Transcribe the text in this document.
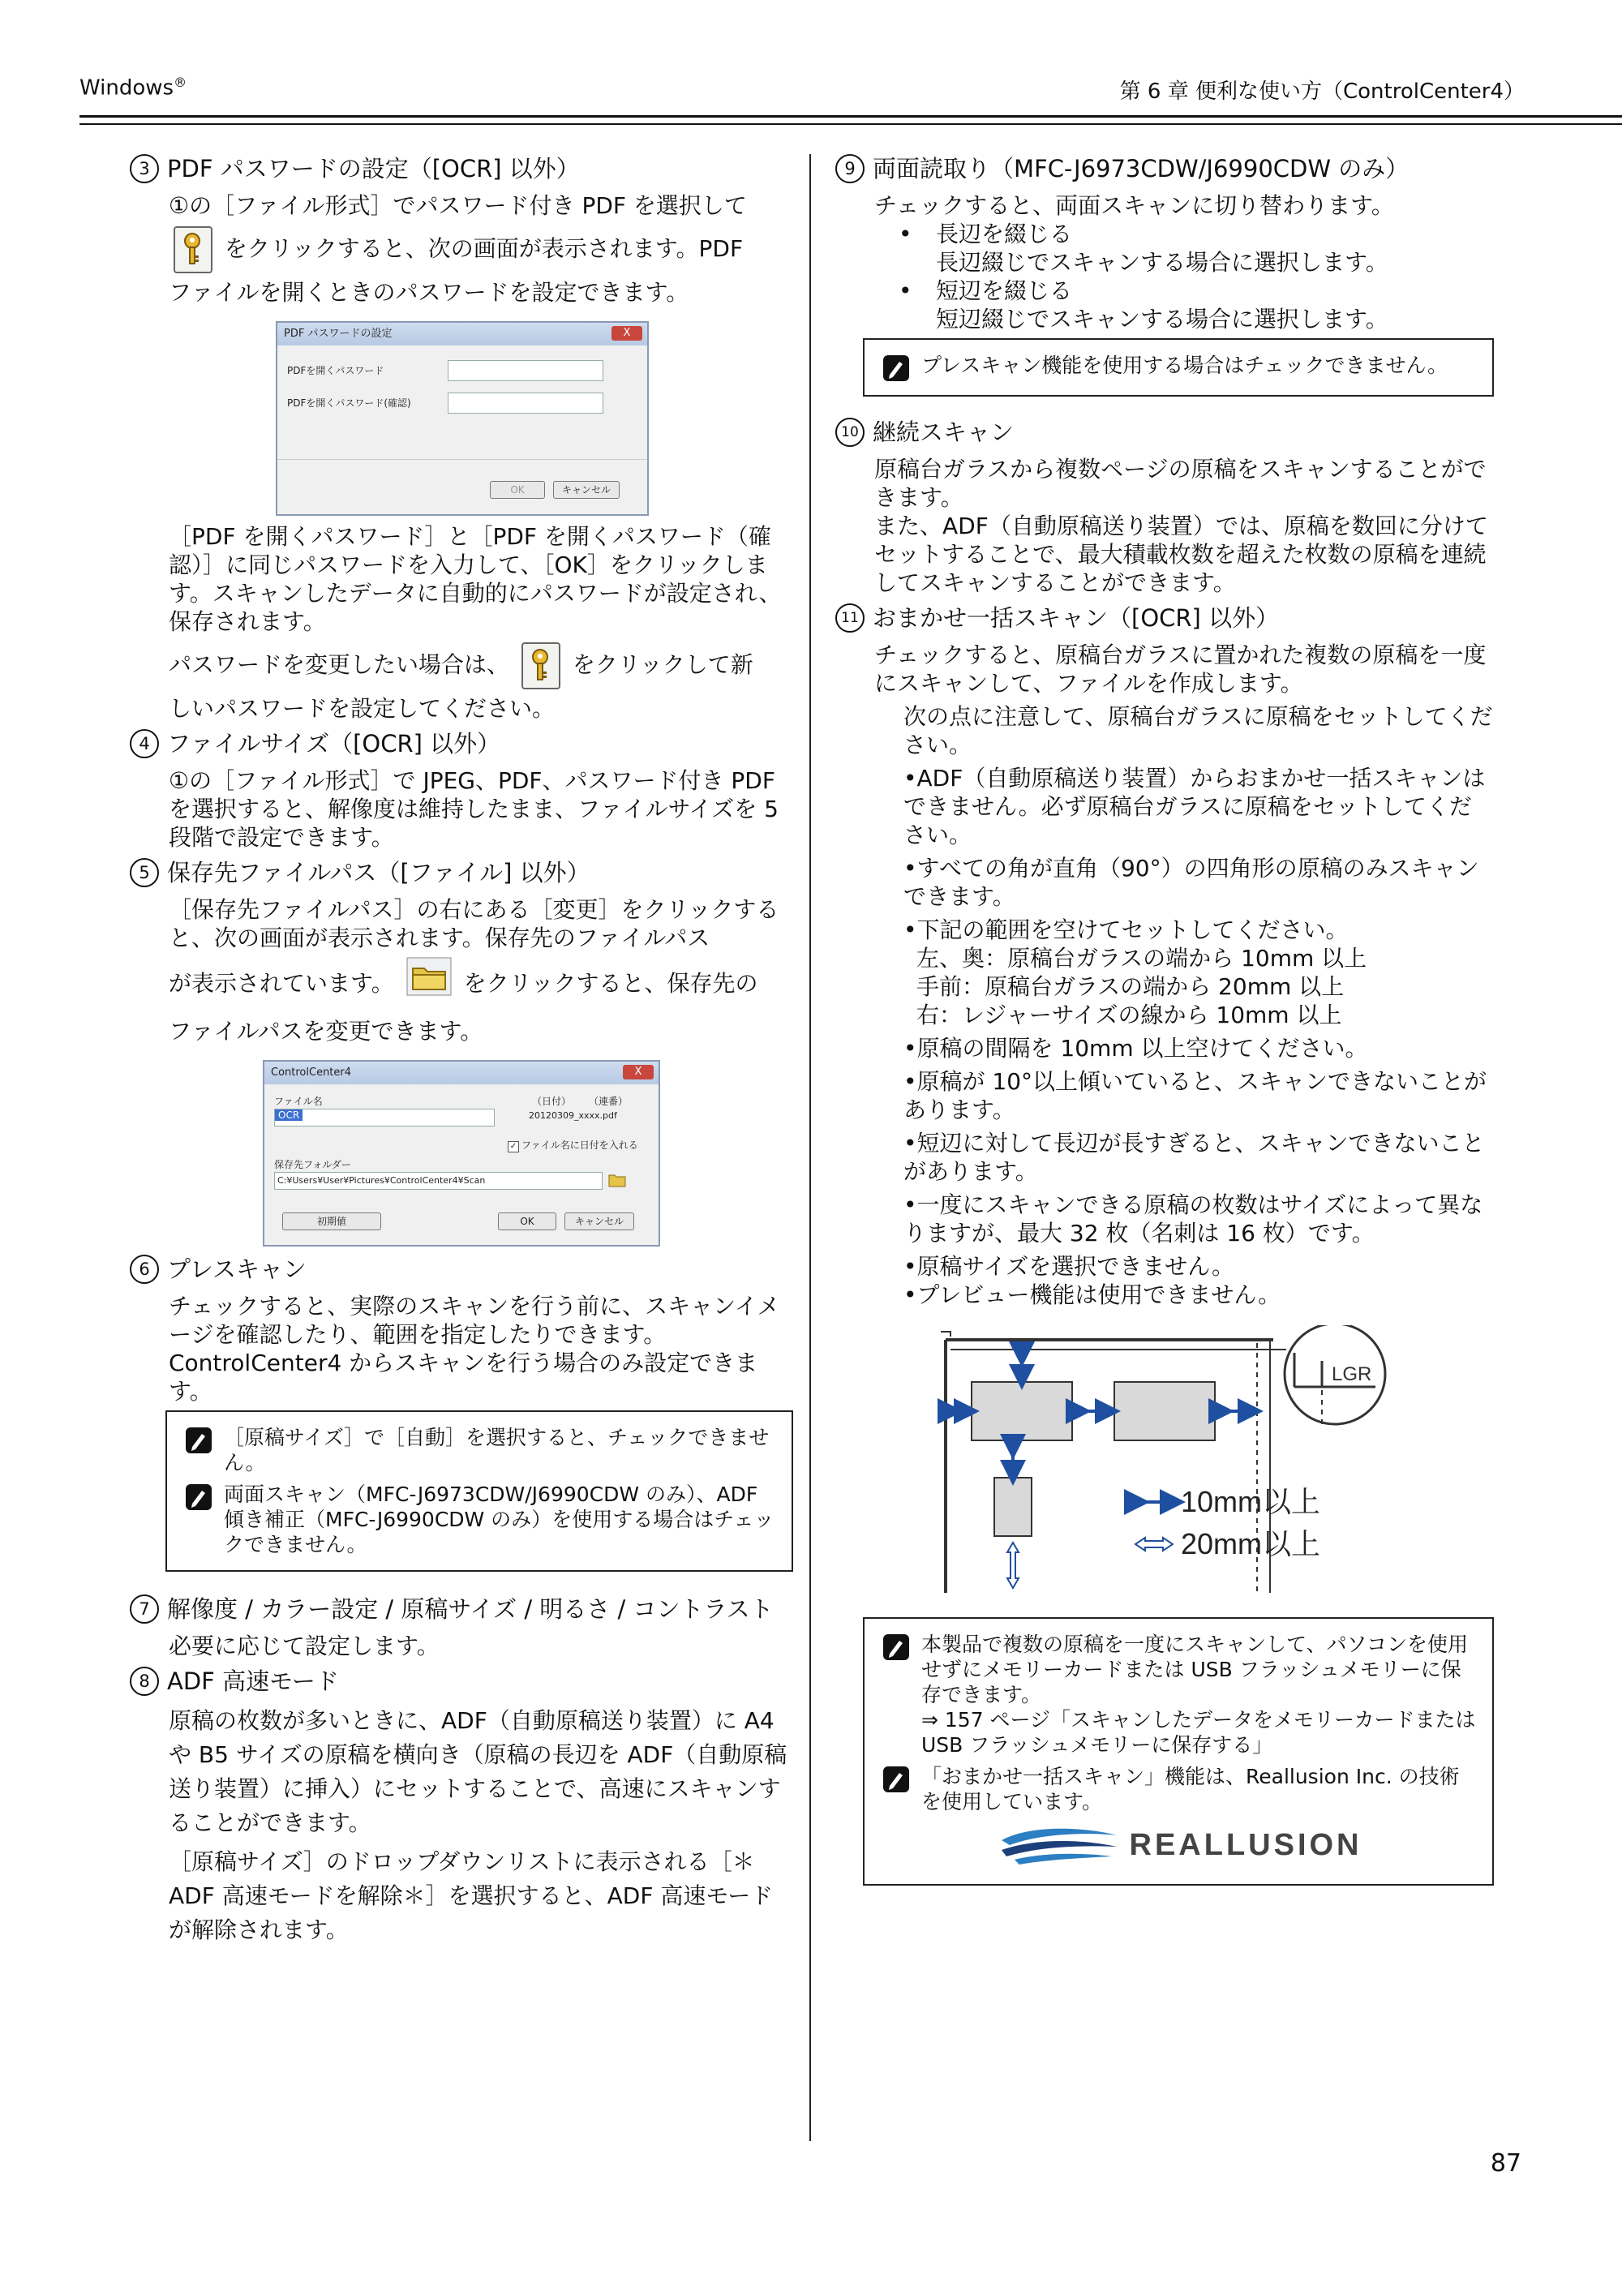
Windows®	第 6 章 便利な使い方（ControlCenter4）
3 PDF パスワードの設定（[OCR] 以外）
①の［ファイル形式］でパスワード付き PDF を選択して
をクリックすると、次の画面が表示されます。PDF
ファイルを開くときのパスワードを設定できます。
PDF パスワードの設定	X
PDFを開くパスワード
PDFを開くパスワード(確認)
OK	キャンセル
［PDF を開くパスワード］と［PDF を開くパスワード（確認）］に同じパスワードを入力して、［OK］をクリックします。スキャンしたデータに自動的にパスワードが設定され、保存されます。
パスワードを変更したい場合は、	をクリックして新
しいパスワードを設定してください。
4 ファイルサイズ（[OCR] 以外）
①の［ファイル形式］で JPEG、PDF、パスワード付き PDF を選択すると、解像度は維持したまま、ファイルサイズを 5 段階で設定できます。
5 保存先ファイルパス（[ファイル] 以外）
［保存先ファイルパス］の右にある［変更］をクリックすると、次の画面が表示されます。保存先のファイルパス
が表示されています。	をクリックすると、保存先の
ファイルパスを変更できます。
ControlCenter4	X
ファイル名	（日付） （連番）
OCR	20120309_xxxx.pdf
✓ ファイル名に日付を入れる
保存先フォルダー
C:¥Users¥User¥Pictures¥ControlCenter4¥Scan
初期値	OK	キャンセル
6 プレスキャン
チェックすると、実際のスキャンを行う前に、スキャンイメージを確認したり、範囲を指定したりできます。ControlCenter4 からスキャンを行う場合のみ設定できます。
［原稿サイズ］で［自動］を選択すると、チェックできません。
両面スキャン（MFC-J6973CDW/J6990CDW のみ）、ADF 傾き補正（MFC-J6990CDW のみ）を使用する場合はチェックできません。
7 解像度 / カラー設定 / 原稿サイズ / 明るさ / コントラスト
必要に応じて設定します。
8 ADF 高速モード
原稿の枚数が多いときに、ADF（自動原稿送り装置）に A4 や B5 サイズの原稿を横向き（原稿の長辺を ADF（自動原稿送り装置）に挿入）にセットすることで、高速にスキャンすることができます。
［原稿サイズ］のドロップダウンリストに表示される［＊ADF 高速モードを解除＊］を選択すると、ADF 高速モードが解除されます。
9 両面読取り（MFC-J6973CDW/J6990CDW のみ）
チェックすると、両面スキャンに切り替わります。
•	長辺を綴じる
長辺綴じでスキャンする場合に選択します。
•	短辺を綴じる
短辺綴じでスキャンする場合に選択します。
プレスキャン機能を使用する場合はチェックできません。
10 継続スキャン
原稿台ガラスから複数ページの原稿をスキャンすることができます。
また、ADF（自動原稿送り装置）では、原稿を数回に分けてセットすることで、最大積載枚数を超えた枚数の原稿を連続してスキャンすることができます。
11 おまかせ一括スキャン（[OCR] 以外）
チェックすると、原稿台ガラスに置かれた複数の原稿を一度にスキャンして、ファイルを作成します。
次の点に注意して、原稿台ガラスに原稿をセットしてください。
•ADF（自動原稿送り装置）からおまかせ一括スキャンはできません。必ず原稿台ガラスに原稿をセットしてください。
•すべての角が直角（90°）の四角形の原稿のみスキャンできます。
•下記の範囲を空けてセットしてください。
左、奥：原稿台ガラスの端から 10mm 以上
手前：原稿台ガラスの端から 20mm 以上
右：レジャーサイズの線から 10mm 以上
•原稿の間隔を 10mm 以上空けてください。
•原稿が 10°以上傾いていると、スキャンできないことがあります。
•短辺に対して長辺が長すぎると、スキャンできないことがあります。
•一度にスキャンできる原稿の枚数はサイズによって異なりますが、最大 32 枚（名刺は 16 枚）です。
•原稿サイズを選択できません。
•プレビュー機能は使用できません。
LGR
10mm以上
20mm以上
本製品で複数の原稿を一度にスキャンして、パソコンを使用せずにメモリーカードまたは USB フラッシュメモリーに保存できます。
⇒ 157 ページ「スキャンしたデータをメモリーカードまたは USB フラッシュメモリーに保存する」
「おまかせ一括スキャン」機能は、Reallusion Inc. の技術を使用しています。
REALLUSION
87
